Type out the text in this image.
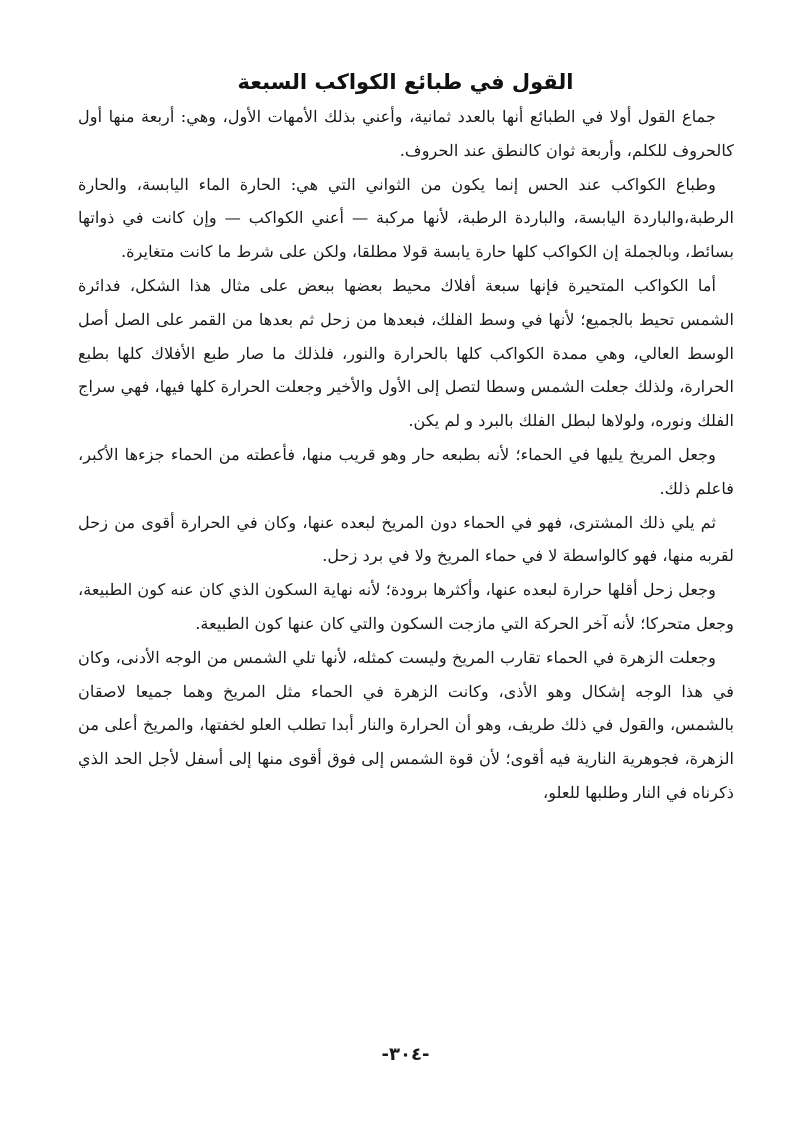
القول في طبائع الكواكب السبعة

جماع القول أولا في الطبائع أنها بالعدد ثمانية، وأعني بذلك الأمهات الأول، وهي: أربعة منها أول كالحروف للكلم، وأربعة ثوان كالنطق عند الحروف.

وطباع الكواكب عند الحس إنما يكون من الثواني التي هي: الحارة الماء اليابسة، والحارة الرطبة،والباردة اليابسة، والباردة الرطبة، لأنها مركبة — أعني الكواكب — وإن كانت في ذواتها بسائط، وبالجملة إن الكواكب كلها حارة يابسة قولا مطلقا، ولكن على شرط ما كانت متغايرة.

أما الكواكب المتحيرة فإنها سبعة أفلاك محيط بعضها ببعض على مثال هذا الشكل، فدائرة الشمس تحيط بالجميع؛ لأنها في وسط الفلك، فبعدها من زحل ثم بعدها من القمر على الصل أصل الوسط العالي، وهي ممدة الكواكب كلها بالحرارة والنور، فلذلك ما صار طبع الأفلاك كلها بطبع الحرارة، ولذلك جعلت الشمس وسطا لتصل إلى الأول والأخير وجعلت الحرارة كلها فيها، فهي سراج الفلك ونوره، ولولاها لبطل الفلك بالبرد و لم يكن.

وجعل المريخ يليها في الحماء؛ لأنه بطبعه حار وهو قريب منها، فأعطته من الحماء جزءها الأكبر، فاعلم ذلك.

ثم يلي ذلك المشترى، فهو في الحماء دون المريخ لبعده عنها، وكان في الحرارة أقوى من زحل لقربه منها، فهو كالواسطة لا في حماء المريخ ولا في برد زحل.

وجعل زحل أقلها حرارة لبعده عنها، وأكثرها برودة؛ لأنه نهاية السكون الذي كان عنه كون الطبيعة، وجعل متحركا؛ لأنه آخر الحركة التي مازجت السكون والتي كان عنها كون الطبيعة.

وجعلت الزهرة في الحماء تقارب المريخ وليست كمثله، لأنها تلي الشمس من الوجه الأدنى، وكان في هذا الوجه إشكال وهو الأذى، وكانت الزهرة في الحماء مثل المريخ وهما جميعا لاصقان بالشمس، والقول في ذلك طريف، وهو أن الحرارة والنار أبدا تطلب العلو لخفتها، والمريخ أعلى من الزهرة، فجوهرية النارية فيه أقوى؛ لأن قوة الشمس إلى فوق أقوى منها إلى أسفل لأجل الحد الذي ذكرناه في النار وطلبها للعلو،

-٣٠٤-
